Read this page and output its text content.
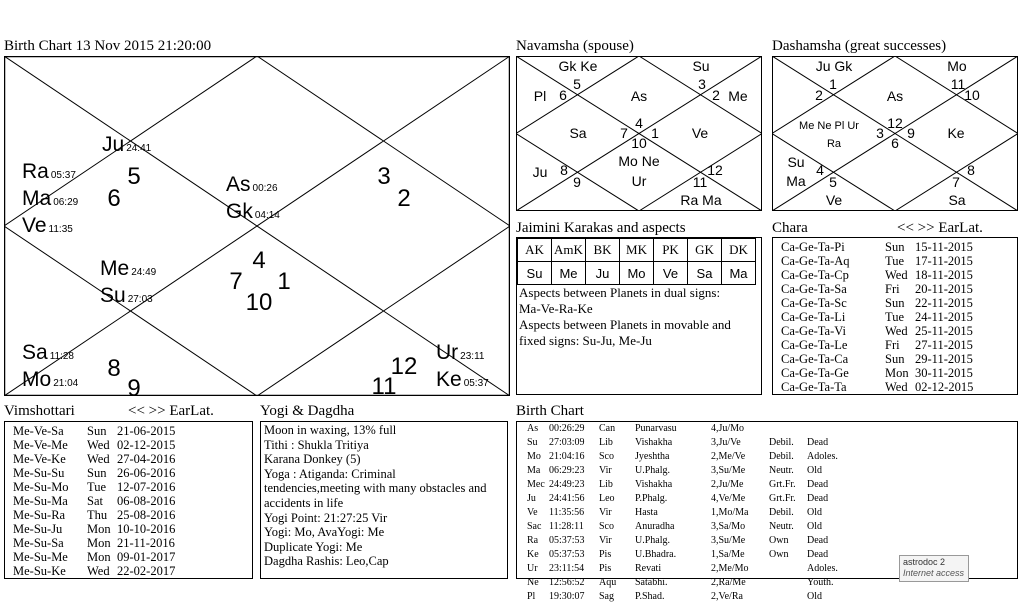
Birth Chart 13 Nov 2015 21:20:00
4
Me 24:49
Su 27:03
5
Ju 24:41
6
Ra 05:37
Ma 06:29
Ve 11:35
3
As 00:26
Gk 04:14
2
7 1
10
8
Sa 11:28
Mo 21:04 9	11
12
Ur 23:11
Ke 05:37
Navamsha (spouse)
Gk Ke	Su
Pl	As	Me
Sa	Ve
Ju
Mo Ne
Ur
Ra Ma
6
5	3
2
7
4
1
10
8
9	11
12
Dashamsha (great successes)
Ju Gk	Mo
As
Me Ne Pl Ur
Ra
Ke
Su
Ma
Ve	Sa
2
1	11
10
3
12
9
6
4
5	7
8
Jaimini Karakas and aspects
AK	AmK	BK	MK	PK	GK	DK
Su	Me	Ju	Mo	Ve	Sa	Ma
Aspects between Planets in dual signs:
Ma-Ve-Ra-Ke
Aspects between Planets in movable and
fixed signs: Su-Ju, Me-Ju
Chara	<< >> EarLat.
Ca-Ge-Ta-Pi	Sun 15-11-2015
Ca-Ge-Ta-Aq	Tue 17-11-2015
Ca-Ge-Ta-Cp	Wed 18-11-2015
Ca-Ge-Ta-Sa	Fri 20-11-2015
Ca-Ge-Ta-Sc	Sun 22-11-2015
Ca-Ge-Ta-Li	Tue 24-11-2015
Ca-Ge-Ta-Vi	Wed 25-11-2015
Ca-Ge-Ta-Le	Fri 27-11-2015
Ca-Ge-Ta-Ca	Sun 29-11-2015
Ca-Ge-Ta-Ge	Mon 30-11-2015
Ca-Ge-Ta-Ta	Wed 02-12-2015
Vimshottari	<< >> EarLat.
Me-Ve-Sa Sun 21-06-2015
Me-Ve-Me Wed 02-12-2015
Me-Ve-Ke Wed 27-04-2016
Me-Su-Su Sun 26-06-2016
Me-Su-Mo Tue 12-07-2016
Me-Su-Ma Sat 06-08-2016
Me-Su-Ra Thu 25-08-2016
Me-Su-Ju Mon 10-10-2016
Me-Su-Sa Mon 21-11-2016
Me-Su-Me Mon 09-01-2017
Me-Su-Ke Wed 22-02-2017
Yogi & Dagdha
Moon in waxing, 13% full
Tithi : Shukla Tritiya
Karana Donkey (5)
Yoga : Atiganda: Criminal
tendencies,meeting with many obstacles and
accidents in life
Yogi Point: 21:27:25 Vir
Yogi: Mo, AvaYogi: Me
Duplicate Yogi: Me
Dagdha Rashis: Leo,Cap
Birth Chart
As 00:26:29 Can Punarvasu	4,Ju/Mo
Su 27:03:09 Lib Vishakha	3,Ju/Ve	Debil. Dead
Mo 21:04:16 Sco Jyeshtha	2,Me/Ve Debil. Adoles.
Ma 06:29:23 Vir U.Phalg.	3,Su/Me Neutr. Old
Mec 24:49:23 Lib Vishakha	2,Ju/Me	Grt.Fr. Dead
Ju 24:41:56 Leo P.Phalg.	4,Ve/Me Grt.Fr. Dead
Ve 11:35:56 Vir Hasta	1,Mo/Ma Debil. Old
Sac 11:28:11 Sco Anuradha	3,Sa/Mo Neutr. Old
Ra 05:37:53 Vir U.Phalg.	3,Su/Me Own Dead
Ke 05:37:53 Pis U.Bhadra.	1,Sa/Me Own Dead
Ur 23:11:54 Pis Revati	2,Me/Mo	Adoles.
Ne 12:56:52 Aqu Satabhi.	2,Ra/Me	Youth.
Pl 19:30:07 Sag P.Shad.	2,Ve/Ra	Old
astrodoc 2
Internet access
